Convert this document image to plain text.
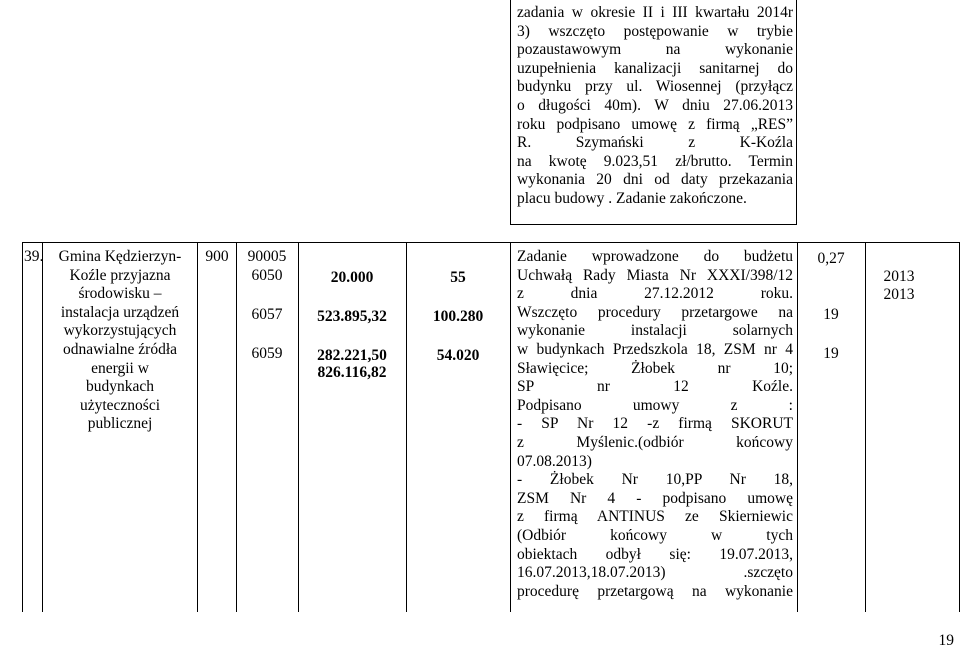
zadania w okresie II i III kwartału 2014r
3) wszczęto postępowanie w trybie
pozaustawowym na wykonanie
uzupełnienia kanalizacji sanitarnej do
budynku przy ul. Wiosennej (przyłącz
o długości 40m). W dniu 27.06.2013
roku podpisano umowę z firmą „RES”
R. Szymański z K-Koźla
na kwotę 9.023,51 zł/brutto. Termin
wykonania 20 dni od daty przekazania
placu budowy . Zadanie zakończone.
39. Gmina Kędzierzyn-
Koźle przyjazna
środowisku –
instalacja urządzeń
wykorzystujących
odnawialne źródła
energii w
budynkach
użyteczności
publicznej
900	90005
6050
6057
6059
20.000
523.895,32
282.221,50
826.116,82
55
100.280
54.020
Zadanie wprowadzone do budżetu
Uchwałą Rady Miasta Nr XXXI/398/12
z dnia 27.12.2012 roku.
Wszczęto procedury przetargowe na
wykonanie instalacji solarnych
w budynkach Przedszkola 18, ZSM nr 4
Sławięcice; Żłobek nr 10;
SP nr 12 Koźle.
Podpisano umowy z :
- SP Nr 12 -z firmą SKORUT
z Myślenic.(odbiór końcowy
07.08.2013)
- Żłobek Nr 10,PP Nr 18,
ZSM Nr 4 - podpisano umowę
z firmą ANTINUS ze Skierniewic
(Odbiór końcowy w tych
obiektach odbył się: 19.07.2013,
16.07.2013,18.07.2013) .szczęto
procedurę przetargową na wykonanie
0,27
19
19
2013
2013
19
